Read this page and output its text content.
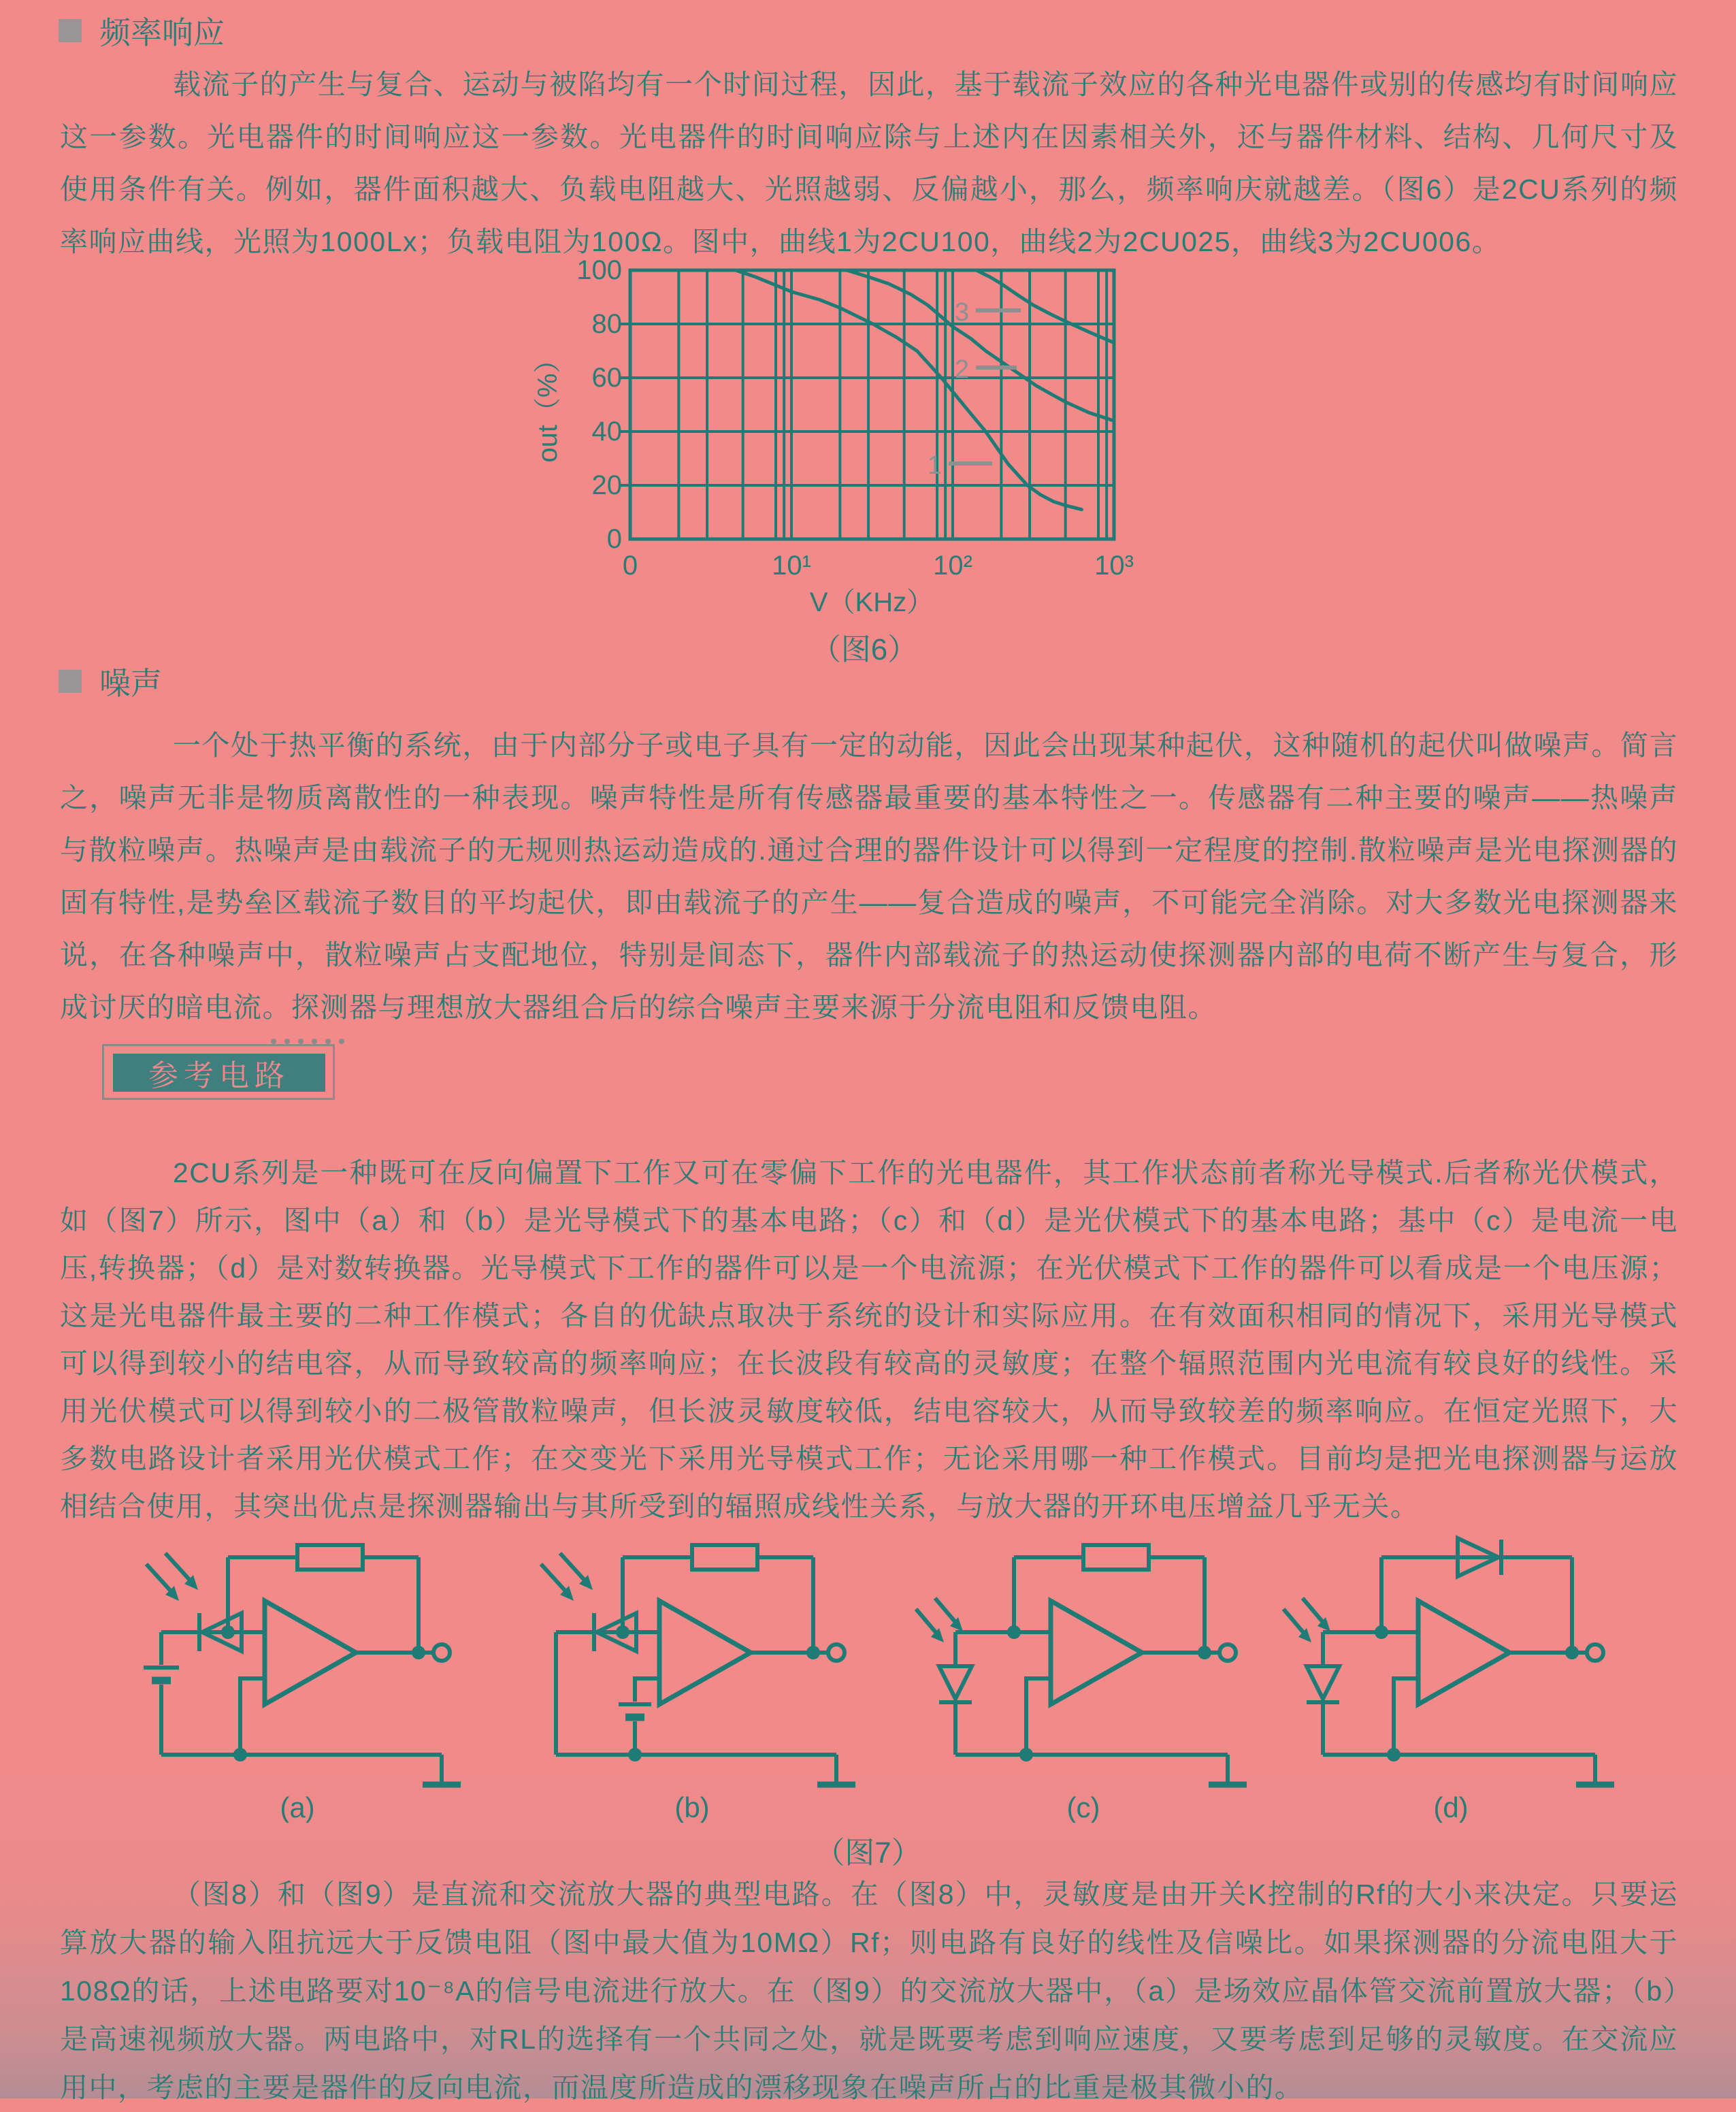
频率响应

载流子的产生与复合、运动与被陷均有一个时间过程，因此，基于载流子效应的各种光电器件或别的传感均有时间响应这一参数。光电器件的时间响应这一参数。光电器件的时间响应除与上述内在因素相关外，还与器件材料、结构、几何尺寸及使用条件有关。例如，器件面积越大、负载电阻越大、光照越弱、反偏越小，那么，频率响庆就越差。（图6）是2CU系列的频率响应曲线，光照为1000Lx；负载电阻为100Ω。图中，曲线1为2CU100，曲线2为2CU025，曲线3为2CU006。

1
2
3
100
80
60
40
20
0
0	10¹	10²	10³
out（%）
V（KHz）
（图6）
噪声

一个处于热平衡的系统，由于内部分子或电子具有一定的动能，因此会出现某种起伏，这种随机的起伏叫做噪声。简言之，噪声无非是物质离散性的一种表现。噪声特性是所有传感器最重要的基本特性之一。传感器有二种主要的噪声——热噪声与散粒噪声。热噪声是由载流子的无规则热运动造成的.通过合理的器件设计可以得到一定程度的控制.散粒噪声是光电探测器的固有特性,是势垒区载流子数目的平均起伏，即由载流子的产生——复合造成的噪声，不可能完全消除。对大多数光电探测器来说，在各种噪声中，散粒噪声占支配地位，特别是间态下，器件内部载流子的热运动使探测器内部的电荷不断产生与复合，形成讨厌的暗电流。探测器与理想放大器组合后的综合噪声主要来源于分流电阻和反馈电阻。

参考电路

2CU系列是一种既可在反向偏置下工作又可在零偏下工作的光电器件，其工作状态前者称光导模式.后者称光伏模式，如（图7）所示，图中（a）和（b）是光导模式下的基本电路；（c）和（d）是光伏模式下的基本电路；基中（c）是电流一电压,转换器；（d）是对数转换器。光导模式下工作的器件可以是一个电流源；在光伏模式下工作的器件可以看成是一个电压源；这是光电器件最主要的二种工作模式；各自的优缺点取决于系统的设计和实际应用。在有效面积相同的情况下，采用光导模式可以得到较小的结电容，从而导致较高的频率响应；在长波段有较高的灵敏度；在整个辐照范围内光电流有较良好的线性。采用光伏模式可以得到较小的二极管散粒噪声，但长波灵敏度较低，结电容较大，从而导致较差的频率响应。在恒定光照下，大多数电路设计者采用光伏模式工作；在交变光下采用光导模式工作；无论采用哪一种工作模式。目前均是把光电探测器与运放相结合使用，其突出优点是探测器输出与其所受到的辐照成线性关系，与放大器的开环电压增益几乎无关。

(a)	(b)	(c)	(d)
（图7）

（图8）和（图9）是直流和交流放大器的典型电路。在（图8）中，灵敏度是由开关K控制的Rf的大小来决定。只要运算放大器的输入阻抗远大于反馈电阻（图中最大值为10MΩ）Rf；则电路有良好的线性及信噪比。如果探测器的分流电阻大于108Ω的话，上述电路要对10⁻⁸A的信号电流进行放大。在（图9）的交流放大器中，（a）是场效应晶体管交流前置放大器；（b）是高速视频放大器。两电路中，对RL的选择有一个共同之处，就是既要考虑到响应速度，又要考虑到足够的灵敏度。在交流应用中，考虑的主要是器件的反向电流，而温度所造成的漂移现象在噪声所占的比重是极其微小的。
